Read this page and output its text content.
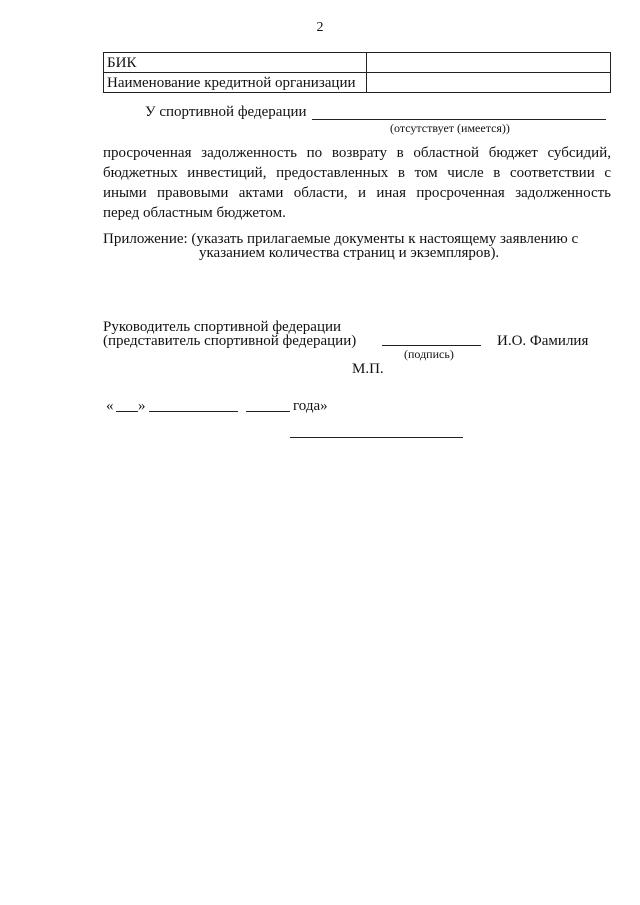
2
БИК	
Наименование кредитной организации	
У спортивной федерации
(отсутствует (имеется))
просроченная задолженность по возврату в областной бюджет субсидий,
бюджетных инвестиций, предоставленных в том числе в соответствии с
иными правовыми актами области, и иная просроченная задолженность
перед областным бюджетом.
Приложение: (указать прилагаемые документы к настоящему заявлению с
указанием количества страниц и экземпляров).
Руководитель спортивной федерации
(представитель спортивной федерации)
(подпись)
И.О. Фамилия
М.П.
« »	года»
